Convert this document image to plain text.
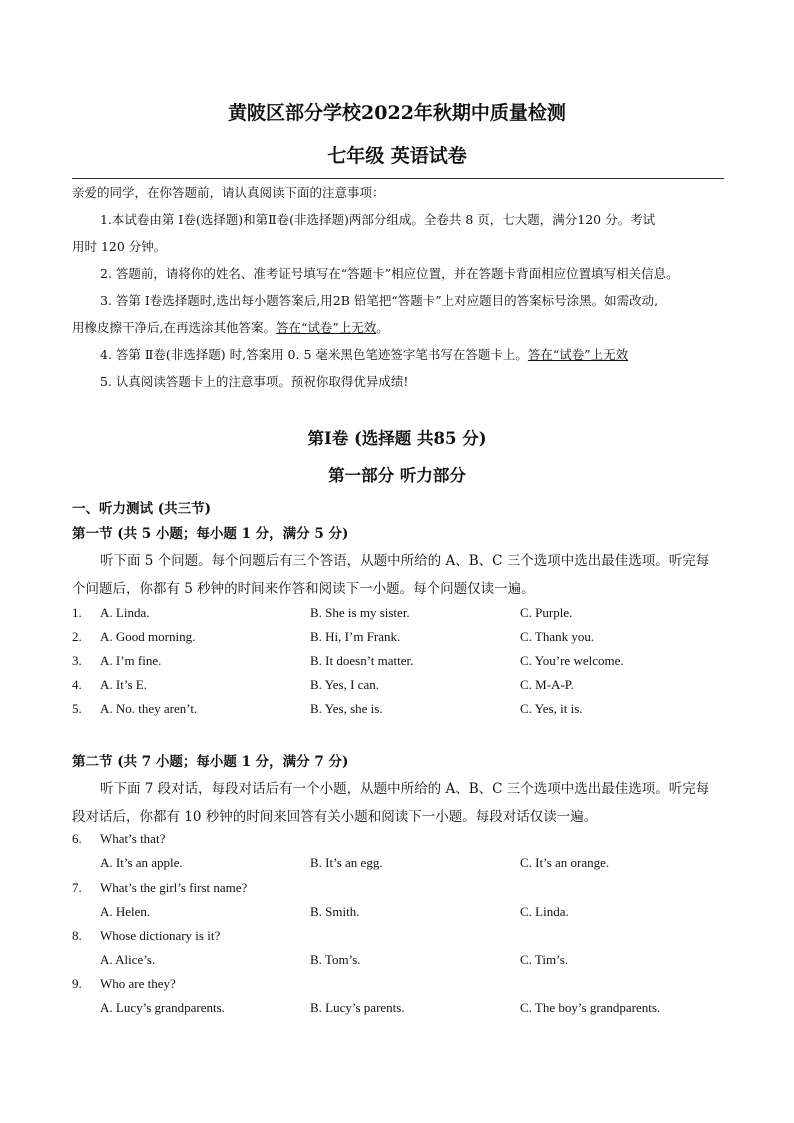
黄陂区部分学校2022年秋期中质量检测
七年级 英语试卷
亲爱的同学，在你答题前，请认真阅读下面的注意事项：
1.本试卷由第 Ⅰ卷(选择题)和第Ⅱ卷(非选择题)两部分组成。全卷共 8 页，七大题，满分120 分。考试
用时 120 分钟。
2. 答题前，请将你的姓名、准考证号填写在“答题卡”相应位置，并在答题卡背面相应位置填写相关信息。
3. 答第 Ⅰ卷选择题时,选出每小题答案后,用2B 铅笔把“答题卡”上对应题目的答案标号涂黑。如需改动,
用橡皮擦干净后,在再选涂其他答案。答在“试卷”上无效。
4. 答第 Ⅱ卷(非选择题) 时,答案用 0. 5 毫米黑色笔迹签字笔书写在答题卡上。答在“试卷”上无效
5. 认真阅读答题卡上的注意事项。预祝你取得优异成绩!
第Ⅰ卷 (选择题 共85 分)
第一部分 听力部分
一、听力测试 (共三节)
第一节 (共 5 小题；每小题 1 分，满分 5 分)
听下面 5 个问题。每个问题后有三个答语，从题中所给的 A、B、C 三个选项中选出最佳选项。听完每
个问题后，你都有 5 秒钟的时间来作答和阅读下一小题。每个问题仅读一遍。
1. A. Linda.	B. She is my sister.	C. Purple.
2. A. Good morning.	B. Hi, I’m Frank.	C. Thank you.
3. A. I’m fine.	B. It doesn’t matter.	C. You’re welcome.
4. A. It’s E.	B. Yes, I can.	C. M-A-P.
5. A. No. they aren’t.	B. Yes, she is.	C. Yes, it is.
第二节 (共 7 小题；每小题 1 分，满分 7 分)
听下面 7 段对话，每段对话后有一个小题，从题中所给的 A、B、C 三个选项中选出最佳选项。听完每
段对话后，你都有 10 秒钟的时间来回答有关小题和阅读下一小题。每段对话仅读一遍。
6. What’s that?
A. It’s an apple.	B. It’s an egg.	C. It’s an orange.
7. What’s the girl’s first name?
A. Helen.	B. Smith.	C. Linda.
8. Whose dictionary is it?
A. Alice’s.	B. Tom’s.	C. Tim’s.
9. Who are they?
A. Lucy’s grandparents.	B. Lucy’s parents.	C. The boy’s grandparents.
